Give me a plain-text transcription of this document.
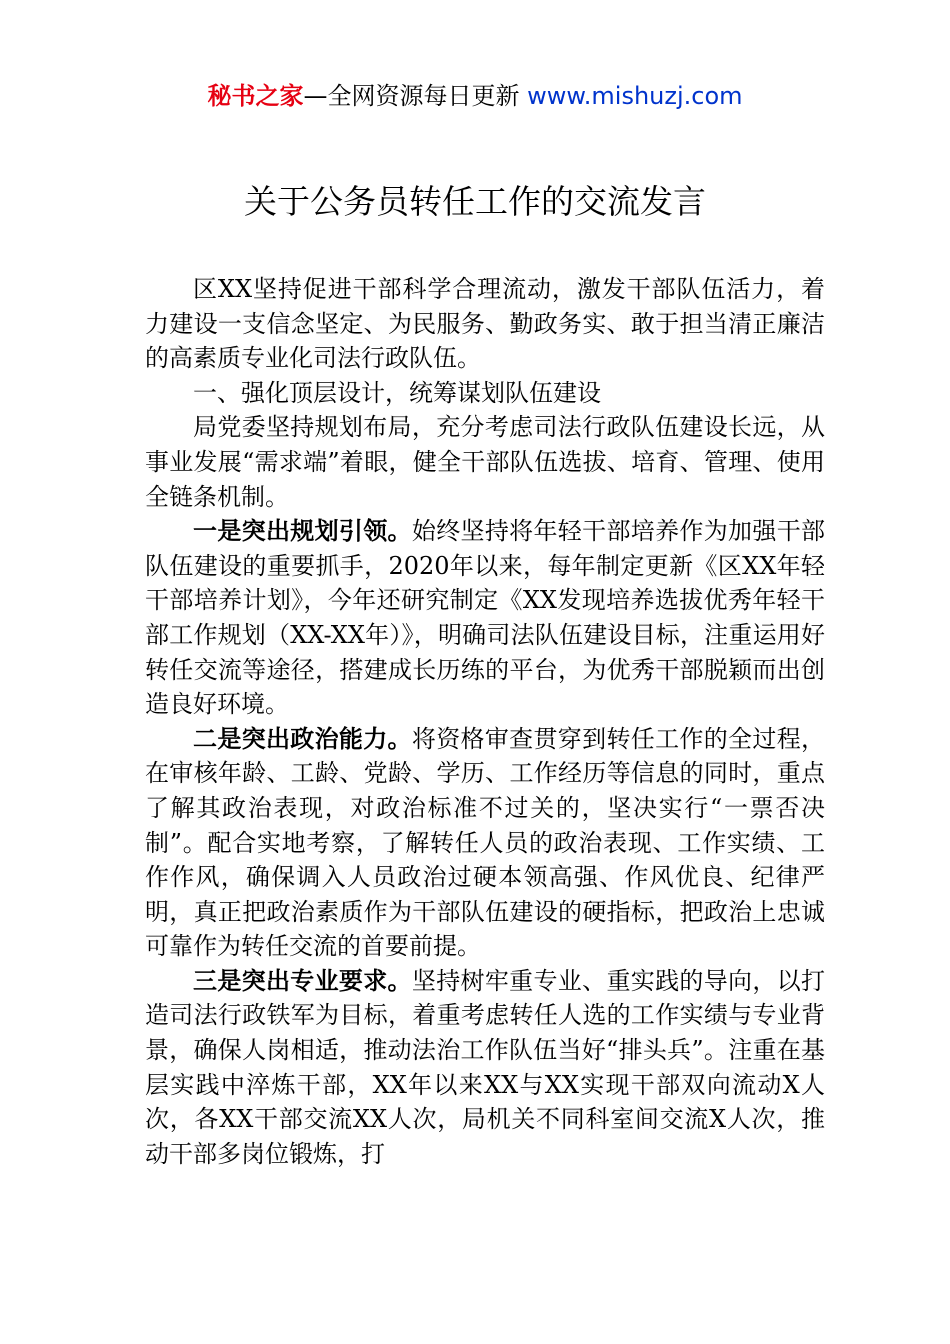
秘书之家—全网资源每日更新 www.mishuzj.com
关于公务员转任工作的交流发言

区XX坚持促进干部科学合理流动，激发干部队伍活力，着力建设一支信念坚定、为民服务、勤政务实、敢于担当清正廉洁的高素质专业化司法行政队伍。

一、强化顶层设计，统筹谋划队伍建设

局党委坚持规划布局，充分考虑司法行政队伍建设长远，从事业发展“需求端”着眼，健全干部队伍选拔、培育、管理、使用全链条机制。

一是突出规划引领。始终坚持将年轻干部培养作为加强干部队伍建设的重要抓手，2020年以来，每年制定更新《区XX年轻干部培养计划》，今年还研究制定《XX发现培养选拔优秀年轻干部工作规划（XX-XX年）》，明确司法队伍建设目标，注重运用好转任交流等途径，搭建成长历练的平台，为优秀干部脱颖而出创造良好环境。

二是突出政治能力。将资格审查贯穿到转任工作的全过程，在审核年龄、工龄、党龄、学历、工作经历等信息的同时，重点了解其政治表现，对政治标准不过关的，坚决实行“一票否决制”。配合实地考察，了解转任人员的政治表现、工作实绩、工作作风，确保调入人员政治过硬本领高强、作风优良、纪律严明，真正把政治素质作为干部队伍建设的硬指标，把政治上忠诚可靠作为转任交流的首要前提。

三是突出专业要求。坚持树牢重专业、重实践的导向，以打造司法行政铁军为目标，着重考虑转任人选的工作实绩与专业背景，确保人岗相适，推动法治工作队伍当好“排头兵”。注重在基层实践中淬炼干部，XX年以来XX与XX实现干部双向流动X人次，各XX干部交流XX人次，局机关不同科室间交流X人次，推动干部多岗位锻炼，打
